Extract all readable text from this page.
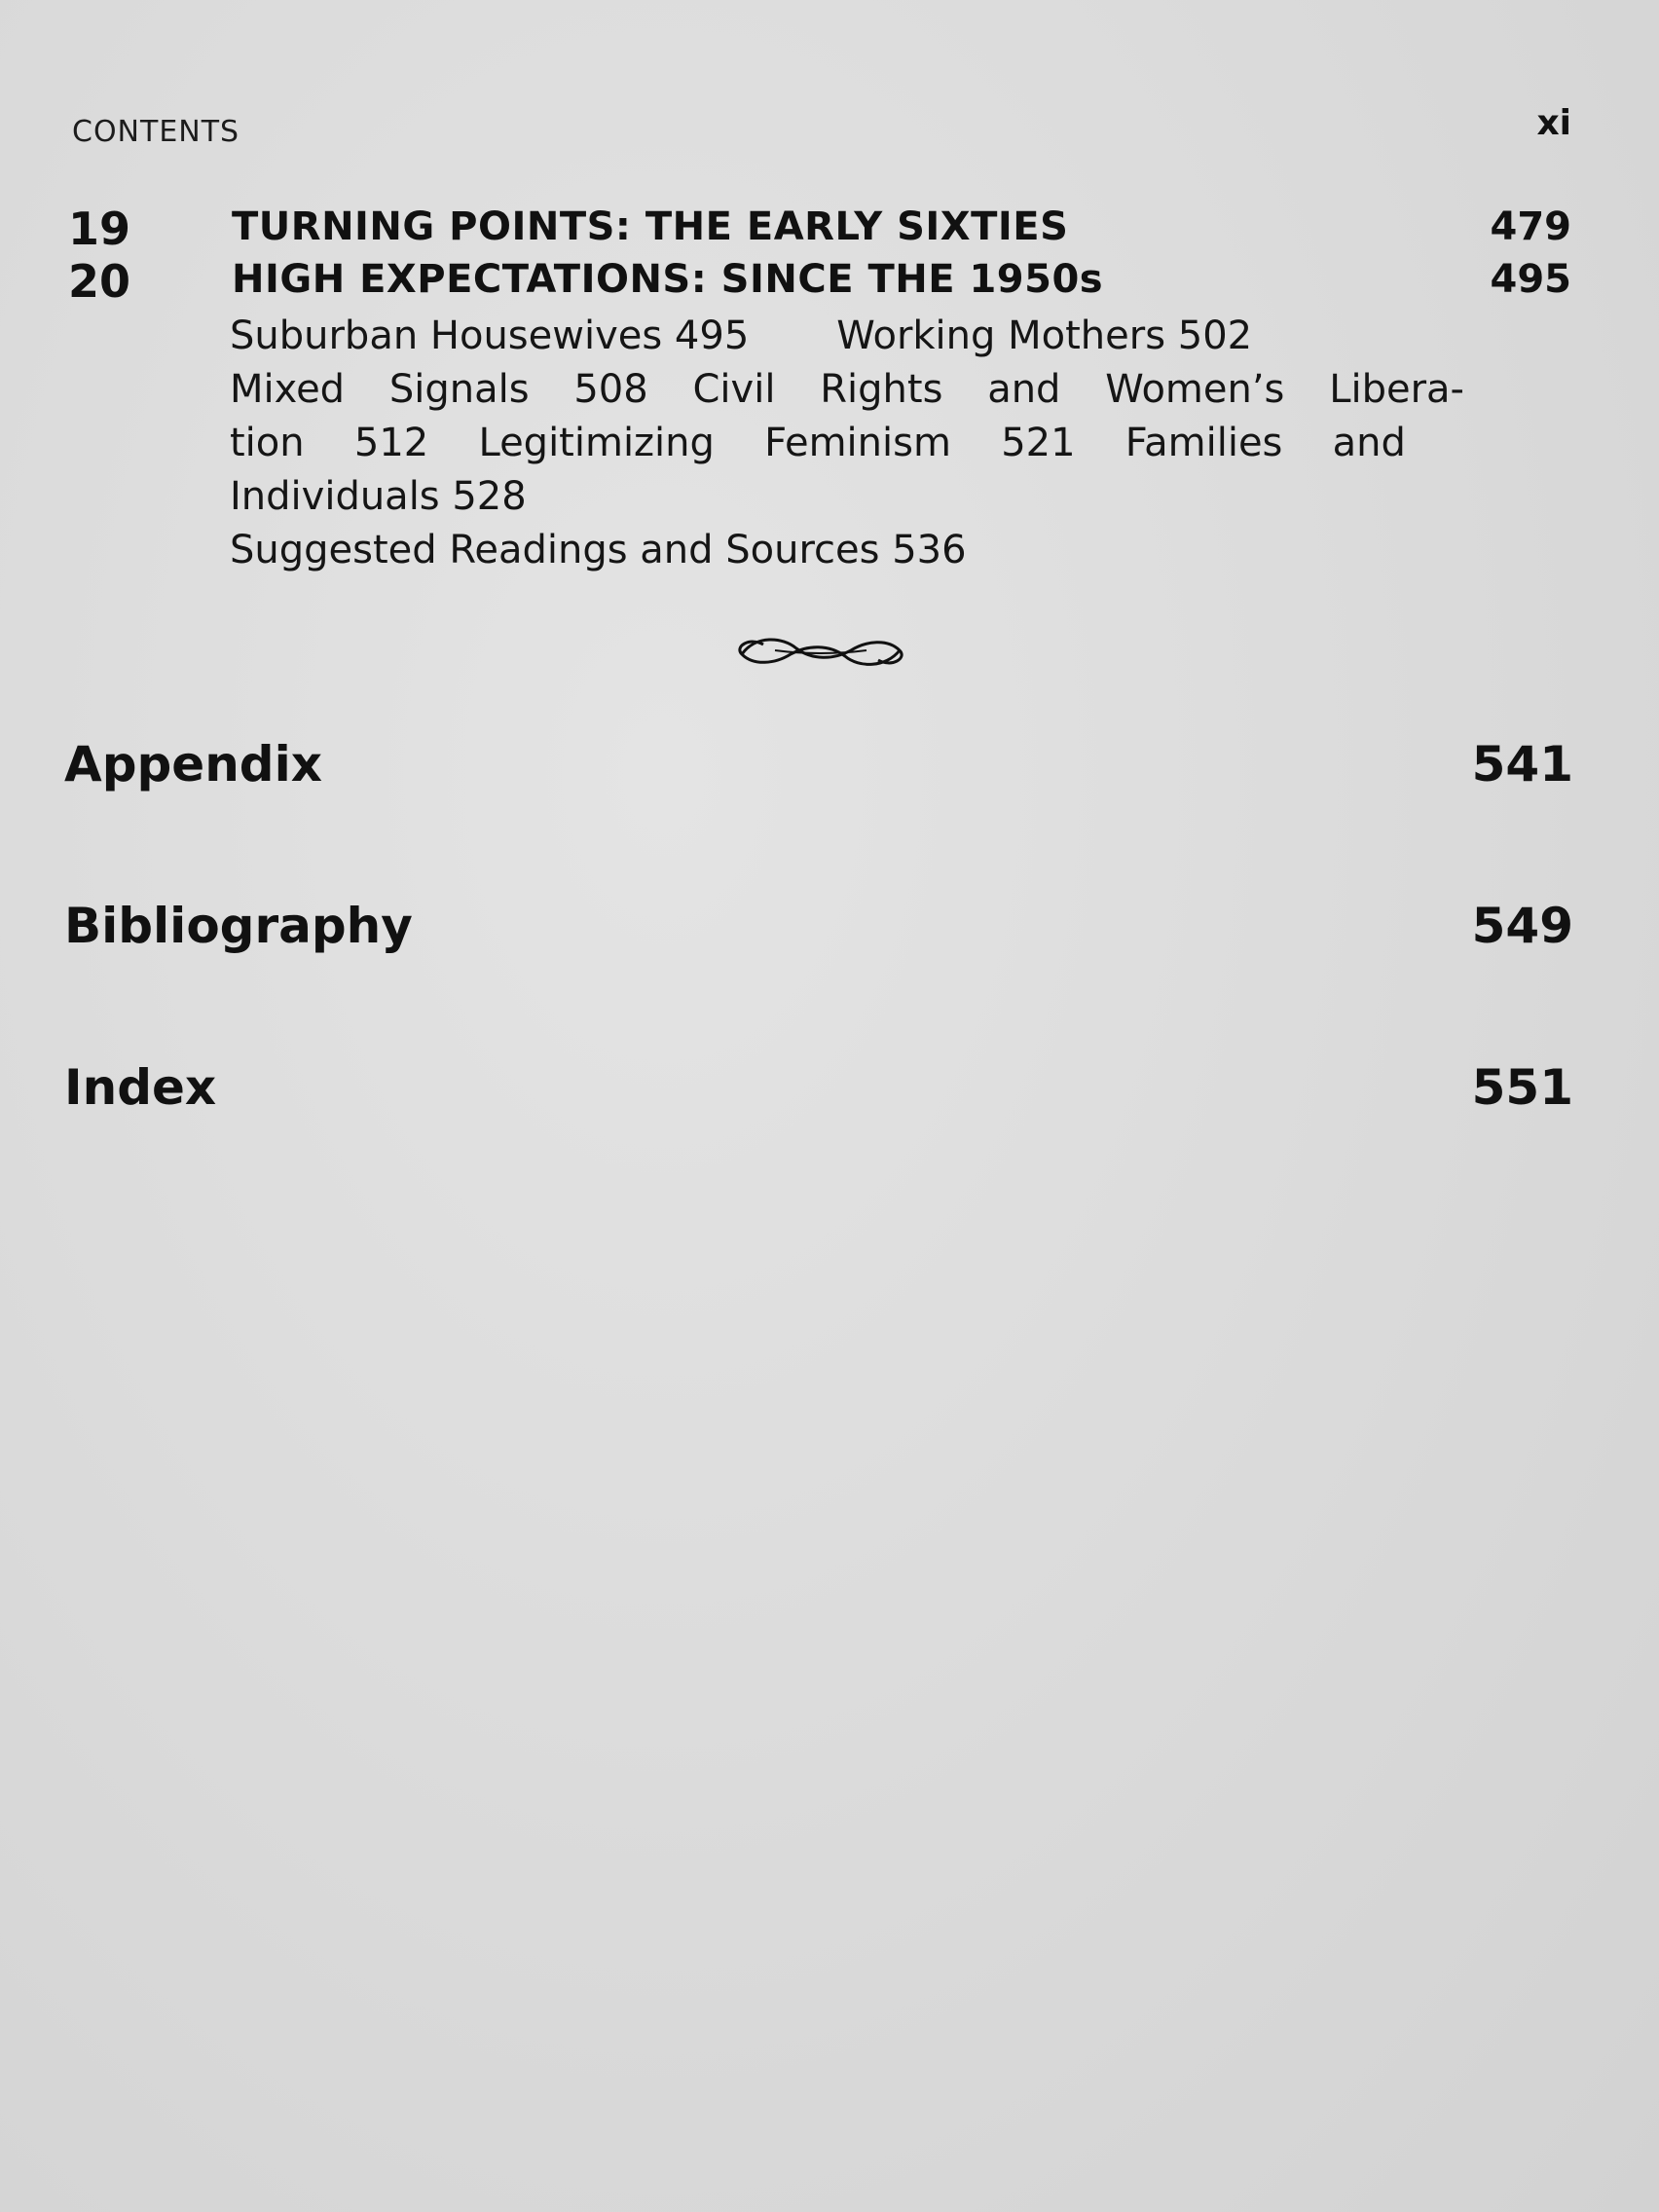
CONTENTS	xi
19	TURNING POINTS: THE EARLY SIXTIES	479
20	HIGH EXPECTATIONS: SINCE THE 1950s	495
Suburban Housewives 495 Working Mothers 502
Mixed Signals 508 Civil Rights and Women’s Libera-
tion 512 Legitimizing Feminism 521 Families and
Individuals 528
Suggested Readings and Sources 536
Appendix	541
Bibliography	549
Index	551
